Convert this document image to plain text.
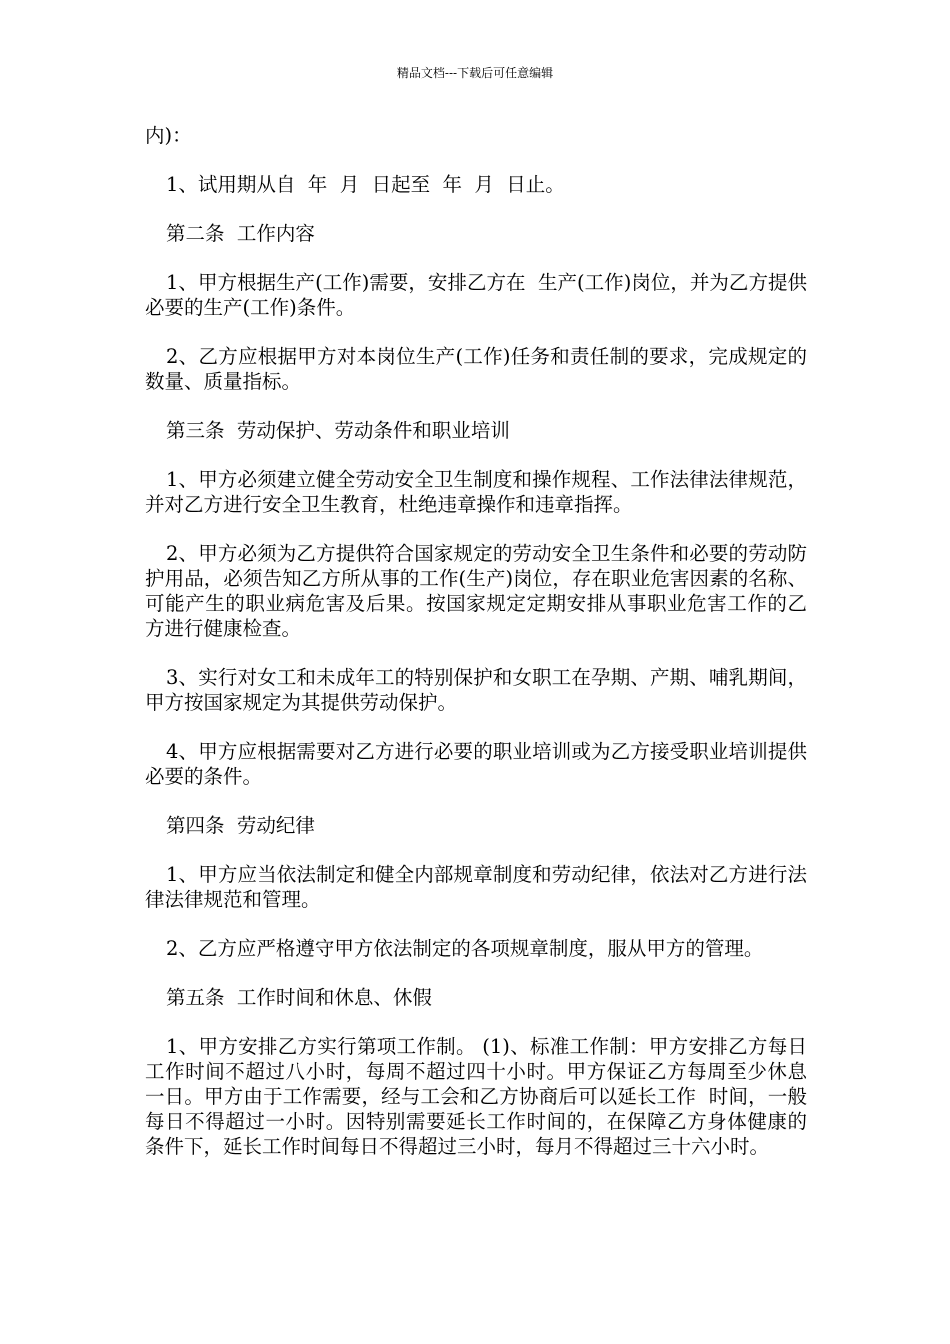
精品文档---下载后可任意编辑

内)：

1、试用期从自  年  月  日起至  年  月  日止。

第二条  工作内容

1、甲方根据生产(工作)需要，安排乙方在  生产(工作)岗位，并为乙方提供必要的生产(工作)条件。

2、乙方应根据甲方对本岗位生产(工作)任务和责任制的要求，完成规定的数量、质量指标。

第三条  劳动保护、劳动条件和职业培训

1、甲方必须建立健全劳动安全卫生制度和操作规程、工作法律法律规范，并对乙方进行安全卫生教育，杜绝违章操作和违章指挥。

2、甲方必须为乙方提供符合国家规定的劳动安全卫生条件和必要的劳动防护用品，必须告知乙方所从事的工作(生产)岗位，存在职业危害因素的名称、可能产生的职业病危害及后果。按国家规定定期安排从事职业危害工作的乙方进行健康检查。

3、实行对女工和未成年工的特别保护和女职工在孕期、产期、哺乳期间，甲方按国家规定为其提供劳动保护。

4、甲方应根据需要对乙方进行必要的职业培训或为乙方接受职业培训提供必要的条件。

第四条  劳动纪律

1、甲方应当依法制定和健全内部规章制度和劳动纪律，依法对乙方进行法律法律规范和管理。

2、乙方应严格遵守甲方依法制定的各项规章制度，服从甲方的管理。

第五条  工作时间和休息、休假

1、甲方安排乙方实行第项工作制。 (1)、标准工作制：甲方安排乙方每日工作时间不超过八小时，每周不超过四十小时。甲方保证乙方每周至少休息一日。甲方由于工作需要，经与工会和乙方协商后可以延长工作  时间，一般每日不得超过一小时。因特别需要延长工作时间的，在保障乙方身体健康的条件下，延长工作时间每日不得超过三小时，每月不得超过三十六小时。
